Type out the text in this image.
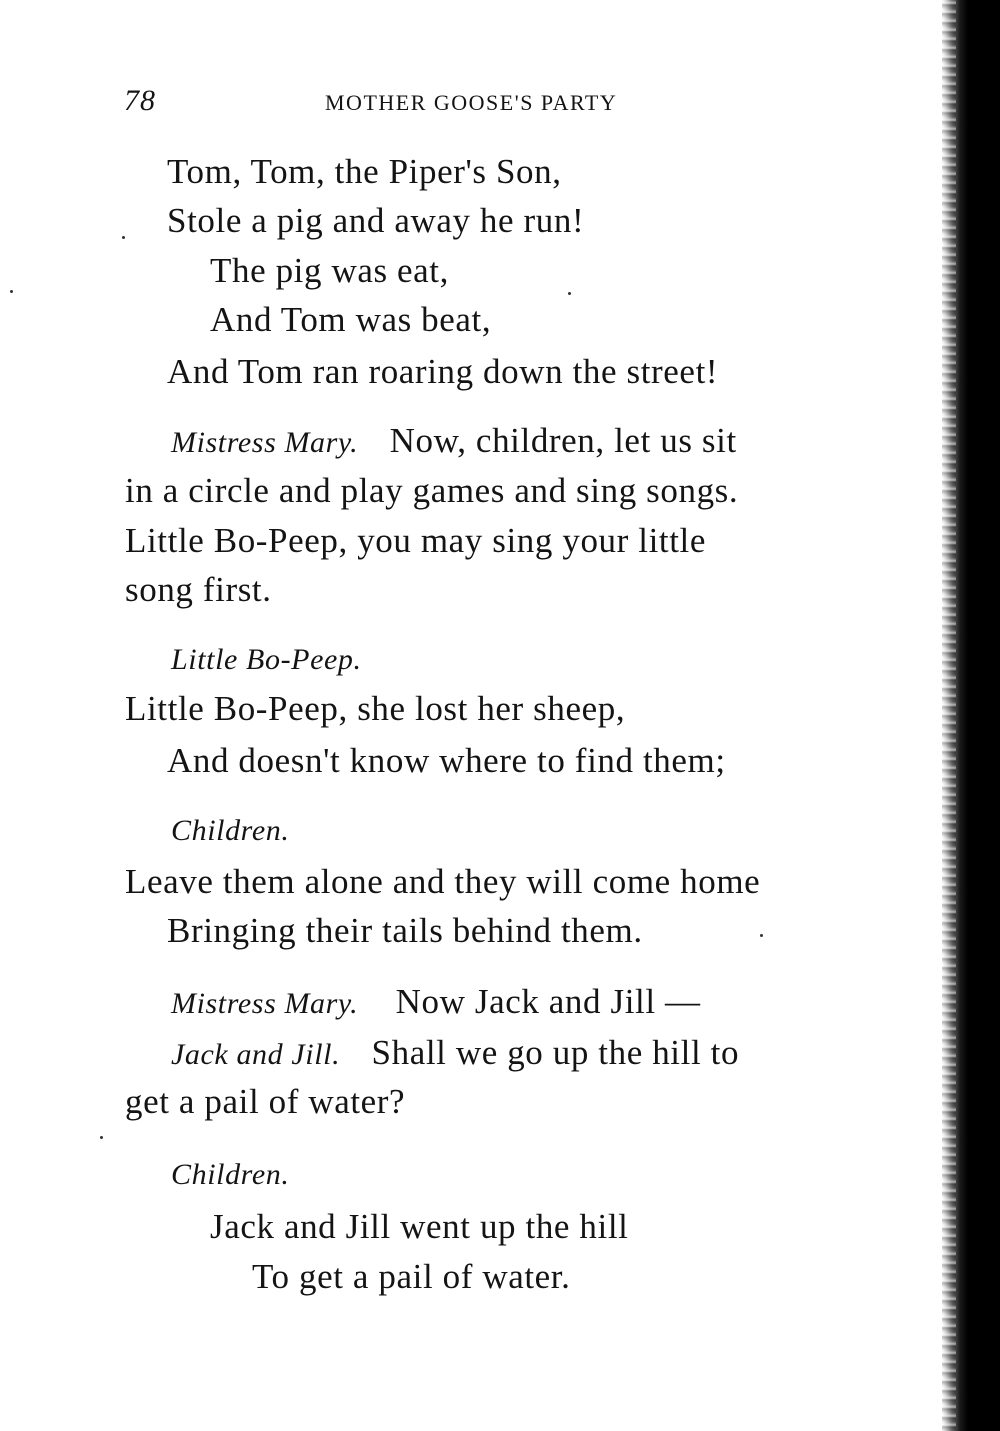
78	MOTHER GOOSE'S PARTY
Tom, Tom, the Piper's Son,
Stole a pig and away he run!
The pig was eat,
And Tom was beat,
And Tom ran roaring down the street!
Mistress Mary. Now, children, let us sit
in a circle and play games and sing songs.
Little Bo-Peep, you may sing your little
song first.
Little Bo-Peep.
Little Bo-Peep, she lost her sheep,
And doesn't know where to find them;
Children.
Leave them alone and they will come home
Bringing their tails behind them.
Mistress Mary. Now Jack and Jill —
Jack and Jill. Shall we go up the hill to
get a pail of water?
Children.
Jack and Jill went up the hill
To get a pail of water.
